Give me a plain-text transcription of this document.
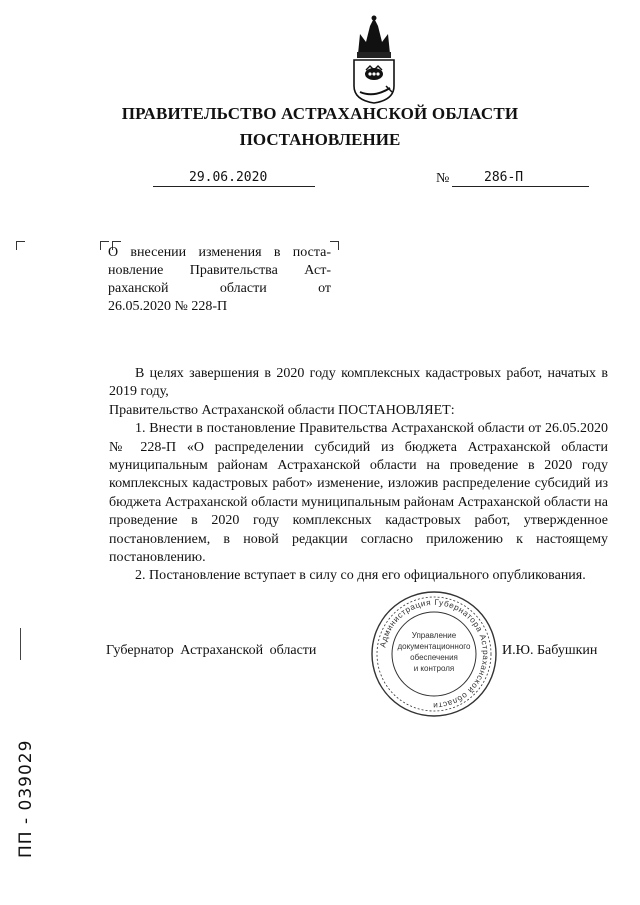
ПРАВИТЕЛЬСТВО АСТРАХАНСКОЙ ОБЛАСТИ
ПОСТАНОВЛЕНИЕ
29.06.2020	№	286-П
О внесении изменения в поста-
новление Правительства Аст-
раханской области от
26.05.2020 № 228-П

В целях завершения в 2020 году комплексных кадастровых работ, начатых в 2019 году,

Правительство Астраханской области ПОСТАНОВЛЯЕТ:

1. Внести в постановление Правительства Астраханской области от 26.05.2020 № 228-П «О распределении субсидий из бюджета Астраханской области муниципальным районам Астраханской области на проведение в 2020 году комплексных кадастровых работ» изменение, изложив распределение субсидий из бюджета Астраханской области муниципальным районам Астраханской области на проведение в 2020 году комплексных кадастровых работ, утвержденное постановлением, в новой редакции согласно приложению к настоящему постановлению.

2. Постановление вступает в силу со дня его официального опубликования.

Губернатор Астраханской области	Администрация Губернатора Астраханской области
Управление
документационного
обеспечения
и контроля
И.Ю. Бабушкин
ПП - 039029
